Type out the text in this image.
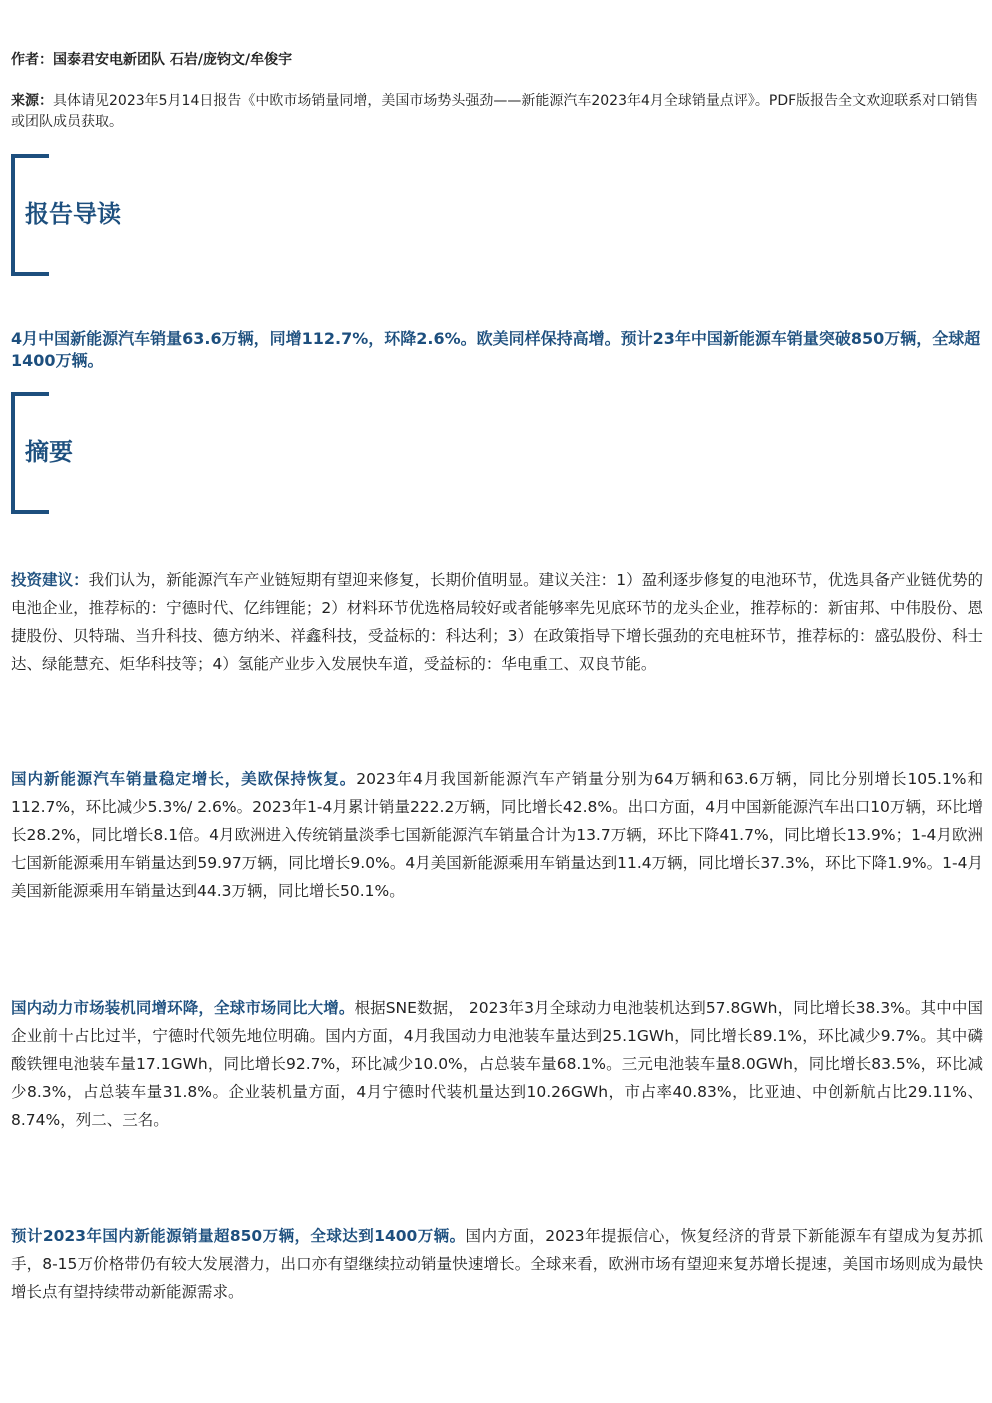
作者：国泰君安电新团队 石岩/庞钧文/牟俊宇
来源：具体请见2023年5月14日报告《中欧市场销量同增，美国市场势头强劲——新能源汽车2023年4月全球销量点评》。PDF版报告全文欢迎联系对口销售或团队成员获取。
报告导读
4月中国新能源汽车销量63.6万辆，同增112.7%，环降2.6%。欧美同样保持高增。预计23年中国新能源车销量突破850万辆，全球超1400万辆。
摘要
投资建议：我们认为，新能源汽车产业链短期有望迎来修复，长期价值明显。建议关注：1）盈利逐步修复的电池环节，优选具备产业链优势的电池企业，推荐标的：宁德时代、亿纬锂能；2）材料环节优选格局较好或者能够率先见底环节的龙头企业，推荐标的：新宙邦、中伟股份、恩捷股份、贝特瑞、当升科技、德方纳米、祥鑫科技，受益标的：科达利；3）在政策指导下增长强劲的充电桩环节，推荐标的：盛弘股份、科士达、绿能慧充、炬华科技等；4）氢能产业步入发展快车道，受益标的：华电重工、双良节能。
国内新能源汽车销量稳定增长，美欧保持恢复。2023年4月我国新能源汽车产销量分别为64万辆和63.6万辆，同比分别增长105.1%和112.7%，环比减少5.3%/ 2.6%。2023年1-4月累计销量222.2万辆，同比增长42.8%。出口方面，4月中国新能源汽车出口10万辆，环比增长28.2%，同比增长8.1倍。4月欧洲进入传统销量淡季七国新能源汽车销量合计为13.7万辆，环比下降41.7%，同比增长13.9%；1-4月欧洲七国新能源乘用车销量达到59.97万辆，同比增长9.0%。4月美国新能源乘用车销量达到11.4万辆，同比增长37.3%，环比下降1.9%。1-4月美国新能源乘用车销量达到44.3万辆，同比增长50.1%。
国内动力市场装机同增环降，全球市场同比大增。根据SNE数据， 2023年3月全球动力电池装机达到57.8GWh，同比增长38.3%。其中中国企业前十占比过半，宁德时代领先地位明确。国内方面，4月我国动力电池装车量达到25.1GWh，同比增长89.1%，环比减少9.7%。其中磷酸铁锂电池装车量17.1GWh，同比增长92.7%，环比减少10.0%，占总装车量68.1%。三元电池装车量8.0GWh，同比增长83.5%，环比减少8.3%，占总装车量31.8%。企业装机量方面，4月宁德时代装机量达到10.26GWh，市占率40.83%，比亚迪、中创新航占比29.11%、8.74%，列二、三名。
预计2023年国内新能源销量超850万辆，全球达到1400万辆。国内方面，2023年提振信心，恢复经济的背景下新能源车有望成为复苏抓手，8-15万价格带仍有较大发展潜力，出口亦有望继续拉动销量快速增长。全球来看，欧洲市场有望迎来复苏增长提速，美国市场则成为最快增长点有望持续带动新能源需求。
